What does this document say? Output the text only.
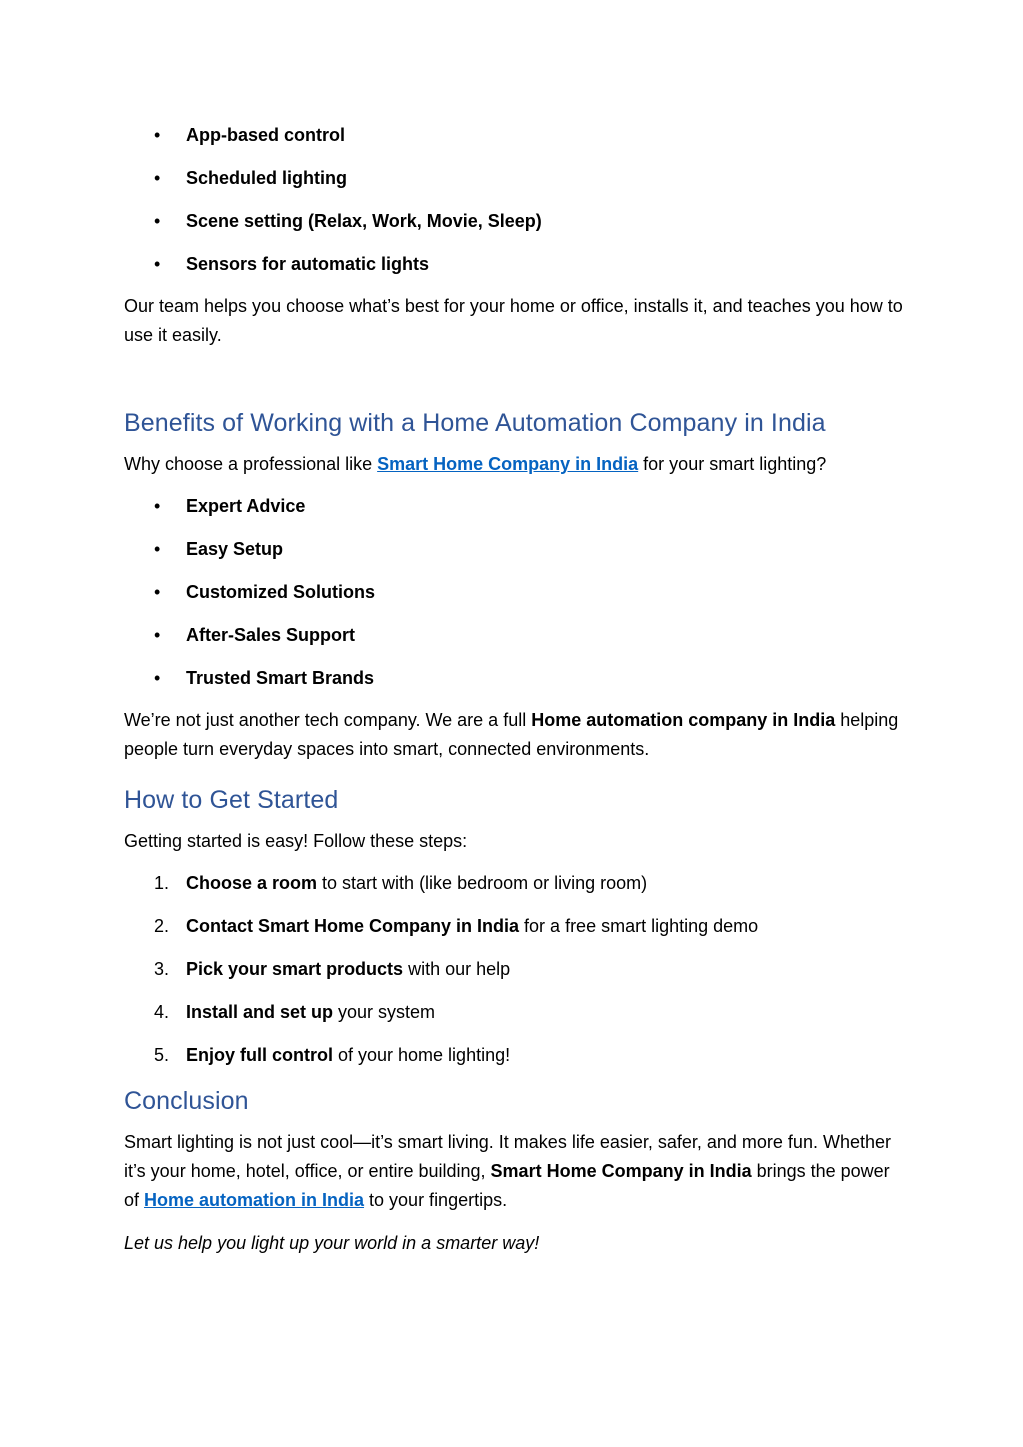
• App-based control
• Scheduled lighting
• Scene setting (Relax, Work, Movie, Sleep)
• Sensors for automatic lights

Our team helps you choose what’s best for your home or office, installs it, and teaches you how to use it easily.

Benefits of Working with a Home Automation Company in India

Why choose a professional like Smart Home Company in India for your smart lighting?

• Expert Advice
• Easy Setup
• Customized Solutions
• After-Sales Support
• Trusted Smart Brands

We’re not just another tech company. We are a full Home automation company in India helping people turn everyday spaces into smart, connected environments.

How to Get Started

Getting started is easy! Follow these steps:

1. Choose a room to start with (like bedroom or living room)
2. Contact Smart Home Company in India for a free smart lighting demo
3. Pick your smart products with our help
4. Install and set up your system
5. Enjoy full control of your home lighting!
Conclusion

Smart lighting is not just cool—it’s smart living. It makes life easier, safer, and more fun. Whether it’s your home, hotel, office, or entire building, Smart Home Company in India brings the power of Home automation in India to your fingertips.

Let us help you light up your world in a smarter way!
